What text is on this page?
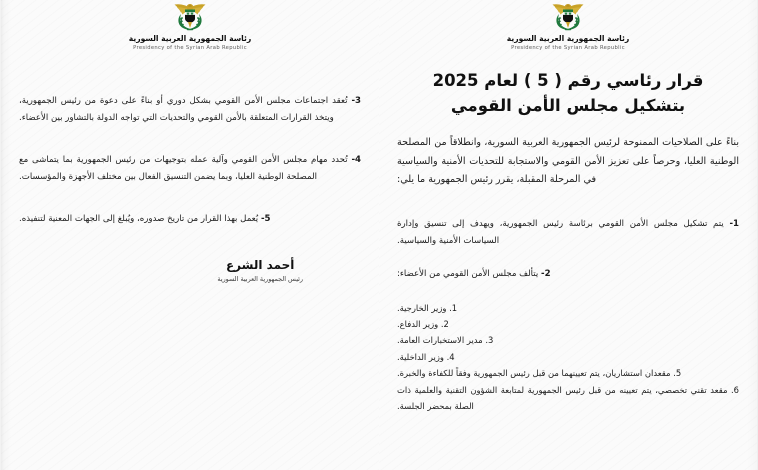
رئاسة الجمهورية العربية السورية
Presidency of the Syrian Arab Republic
قرار رئاسي رقم ( 5 ) لعام 2025
بتشكيل مجلس الأمن القومي

بناءً على الصلاحيات الممنوحة لرئيس الجمهورية العربية السورية، وانطلاقاً من المصلحة الوطنية العليا، وحرصاً على تعزيز الأمن القومي والاستجابة للتحديات الأمنية والسياسية في المرحلة المقبلة، يقرر رئيس الجمهورية ما يلي:

1- يتم تشكيل مجلس الأمن القومي برئاسة رئيس الجمهورية، ويهدف إلى تنسيق وإدارة السياسات الأمنية والسياسية.

2- يتألف مجلس الأمن القومي من الأعضاء:

1. وزير الخارجية.
2. وزير الدفاع.
3. مدير الاستخبارات العامة.
4. وزير الداخلية.
5. مقعدان استشاريان، يتم تعيينهما من قبل رئيس الجمهورية وفقاً للكفاءة والخبرة.
6. مقعد تقني تخصصي، يتم تعيينه من قبل رئيس الجمهورية لمتابعة الشؤون التقنية والعلمية ذات الصلة بمحضر الجلسة.
رئاسة الجمهورية العربية السورية
Presidency of the Syrian Arab Republic

3- تُعقد اجتماعات مجلس الأمن القومي بشكل دوري أو بناءً على دعوة من رئيس الجمهورية، ويتخذ القرارات المتعلقة بالأمن القومي والتحديات التي تواجه الدولة بالتشاور بين الأعضاء.

4- تُحدد مهام مجلس الأمن القومي وآلية عمله بتوجيهات من رئيس الجمهورية بما يتماشى مع المصلحة الوطنية العليا، وبما يضمن التنسيق الفعال بين مختلف الأجهزة والمؤسسات.

5- يُعمل بهذا القرار من تاريخ صدوره، ويُبلغ إلى الجهات المعنية لتنفيذه.

أحمد الشرع
رئيس الجمهورية العربية السورية
